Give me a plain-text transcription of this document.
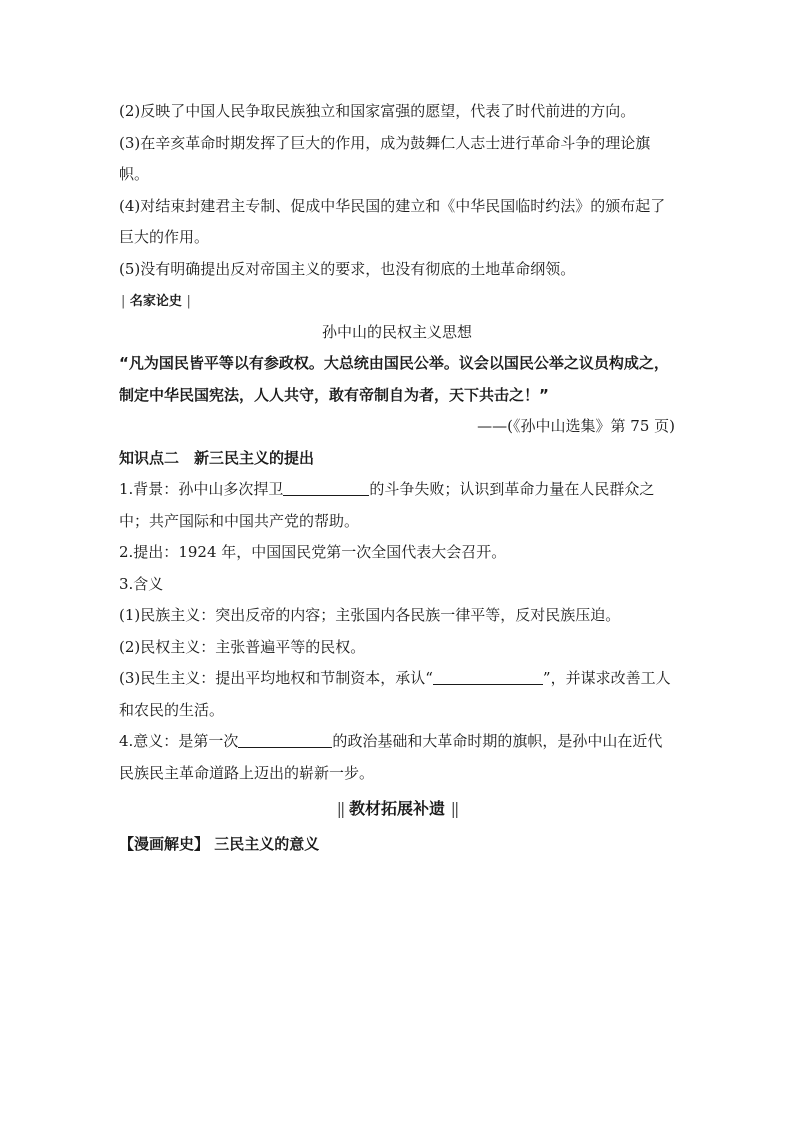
(2)反映了中国人民争取民族独立和国家富强的愿望，代表了时代前进的方向。

(3)在辛亥革命时期发挥了巨大的作用，成为鼓舞仁人志士进行革命斗争的理论旗帜。

(4)对结束封建君主专制、促成中华民国的建立和《中华民国临时约法》的颁布起了巨大的作用。

(5)没有明确提出反对帝国主义的要求，也没有彻底的土地革命纲领。

| 名家论史 |

孙中山的民权主义思想

“凡为国民皆平等以有参政权。大总统由国民公举。议会以国民公举之议员构成之，制定中华民国宪法，人人共守，敢有帝制自为者，天下共击之！”

——(《孙中山选集》第 75 页)

知识点二　新三民主义的提出

1.背景：孙中山多次捍卫	的斗争失败；认识到革命力量在人民群众之中；共产国际和中国共产党的帮助。

2.提出：1924 年，中国国民党第一次全国代表大会召开。

3.含义

(1)民族主义：突出反帝的内容；主张国内各民族一律平等，反对民族压迫。

(2)民权主义：主张普遍平等的民权。

(3)民生主义：提出平均地权和节制资本，承认“	”，并谋求改善工人和农民的生活。

4.意义：是第一次	的政治基础和大革命时期的旗帜，是孙中山在近代民族民主革命道路上迈出的崭新一步。

|| 教材拓展补遗 ||

【漫画解史】 三民主义的意义
